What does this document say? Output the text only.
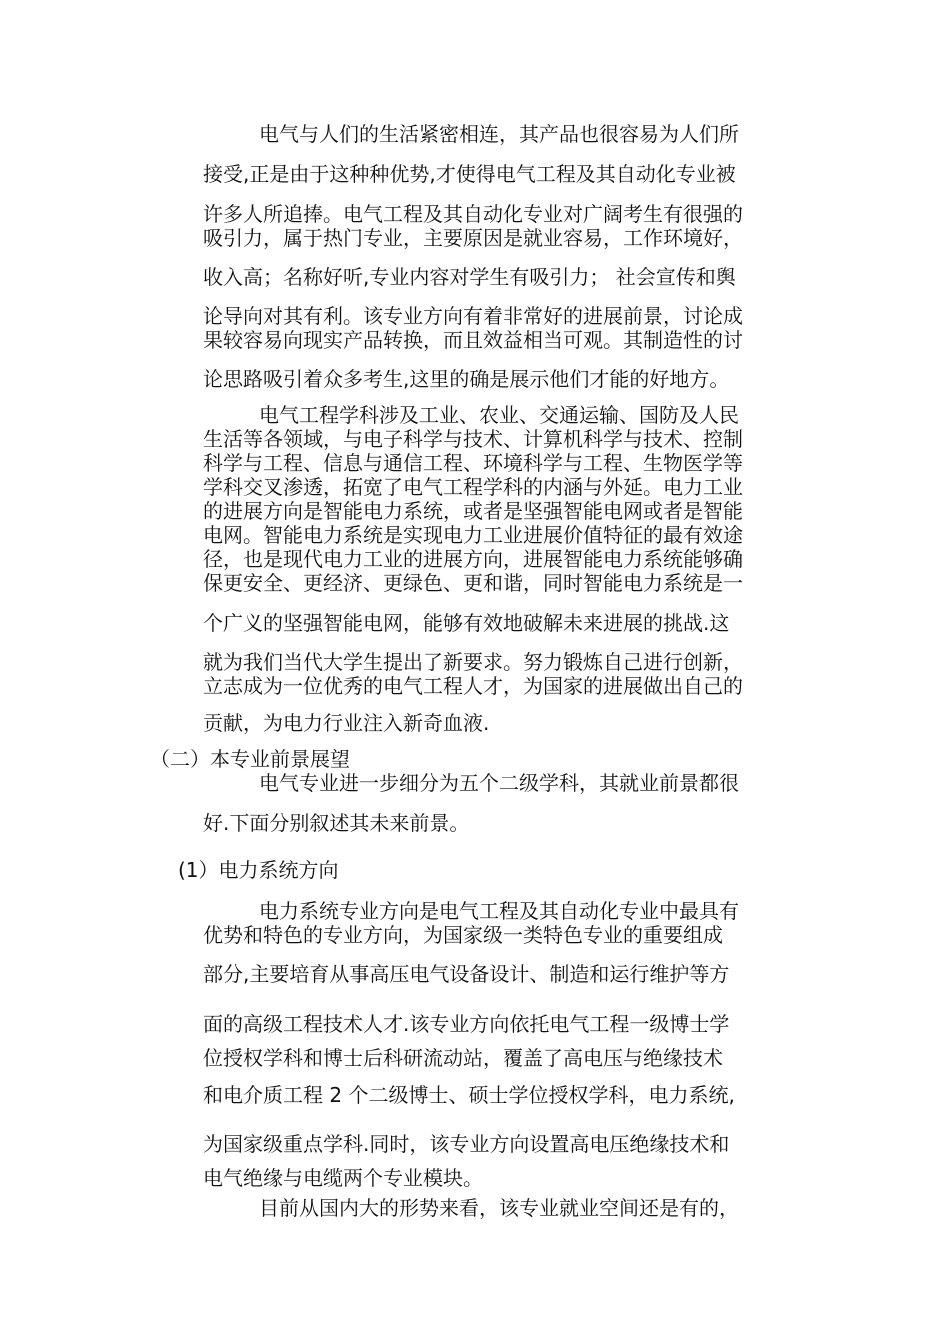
电气与人们的生活紧密相连，其产品也很容易为人们所
接受,正是由于这种种优势,才使得电气工程及其自动化专业被
许多人所追捧。电气工程及其自动化专业对广阔考生有很强的
吸引力，属于热门专业，主要原因是就业容易，工作环境好，
收入高；名称好听,专业内容对学生有吸引力； 社会宣传和舆
论导向对其有利。该专业方向有着非常好的进展前景，讨论成
果较容易向现实产品转换，而且效益相当可观。其制造性的讨
论思路吸引着众多考生,这里的确是展示他们才能的好地方。
电气工程学科涉及工业、农业、交通运输、国防及人民
生活等各领域，与电子科学与技术、计算机科学与技术、控制
科学与工程、信息与通信工程、环境科学与工程、生物医学等
学科交叉渗透，拓宽了电气工程学科的内涵与外延。电力工业
的进展方向是智能电力系统，或者是坚强智能电网或者是智能
电网。智能电力系统是实现电力工业进展价值特征的最有效途
径，也是现代电力工业的进展方向，进展智能电力系统能够确
保更安全、更经济、更绿色、更和谐，同时智能电力系统是一
个广义的坚强智能电网，能够有效地破解未来进展的挑战.这
就为我们当代大学生提出了新要求。努力锻炼自己进行创新，
立志成为一位优秀的电气工程人才，为国家的进展做出自己的
贡献，为电力行业注入新奇血液.
（二）本专业前景展望
电气专业进一步细分为五个二级学科，其就业前景都很
好.下面分别叙述其未来前景。
(1）电力系统方向
电力系统专业方向是电气工程及其自动化专业中最具有
优势和特色的专业方向，为国家级一类特色专业的重要组成
部分,主要培育从事高压电气设备设计、制造和运行维护等方
面的高级工程技术人才.该专业方向依托电气工程一级博士学
位授权学科和博士后科研流动站，覆盖了高电压与绝缘技术
和电介质工程 2 个二级博士、硕士学位授权学科，电力系统,
为国家级重点学科.同时，该专业方向设置高电压绝缘技术和
电气绝缘与电缆两个专业模块。
目前从国内大的形势来看，该专业就业空间还是有的，
